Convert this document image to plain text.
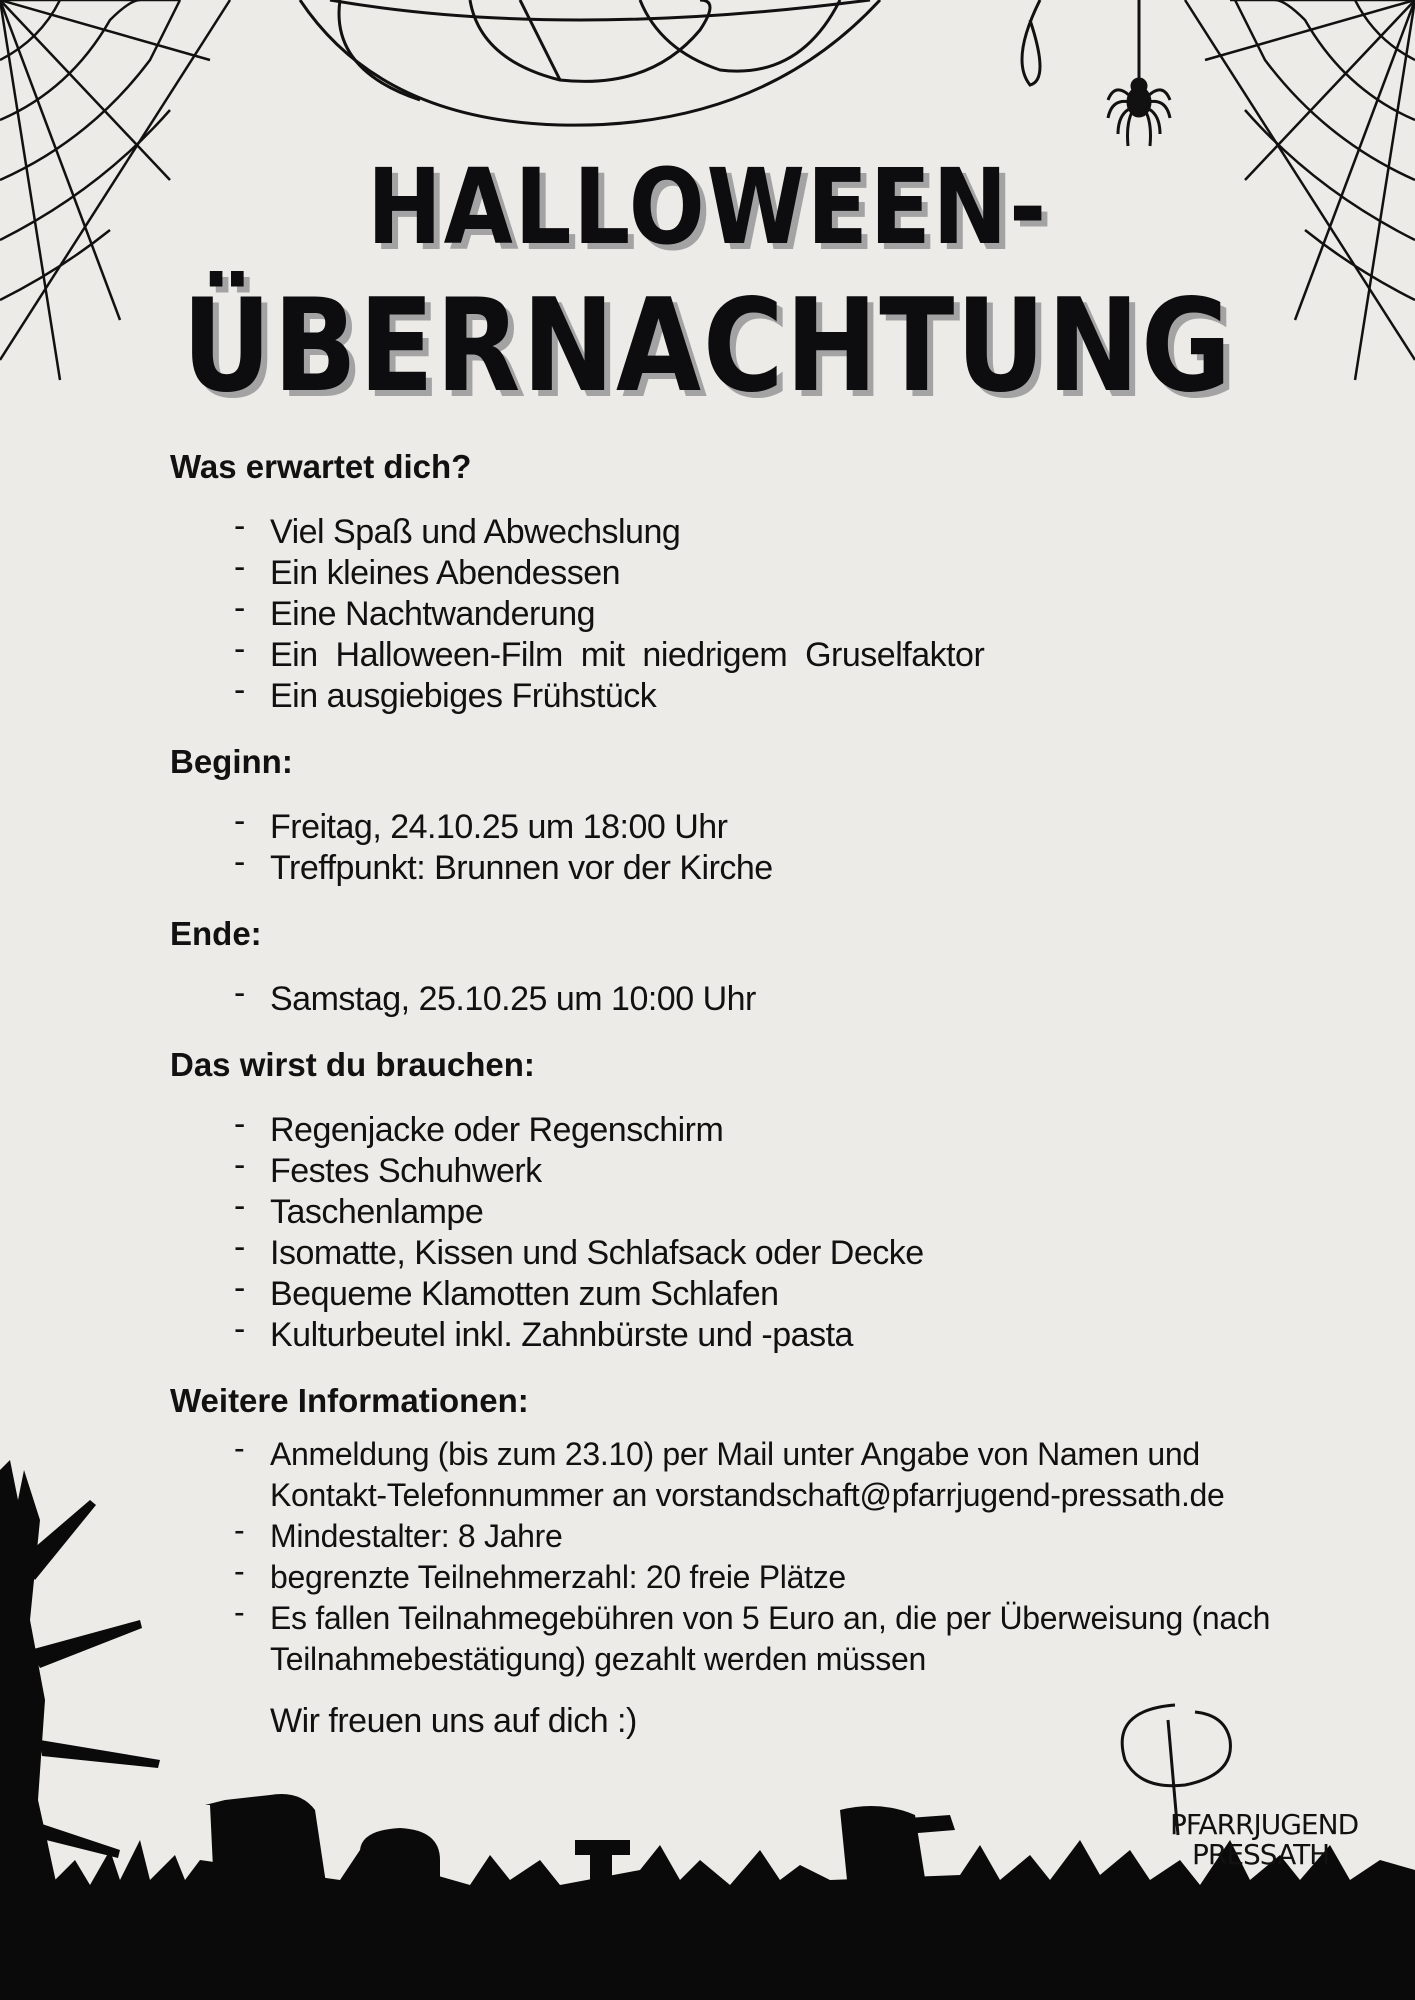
HALLOWEEN-
ÜBERNACHTUNG
Was erwartet dich?
- Viel Spaß und Abwechslung
- Ein kleines Abendessen
- Eine Nachtwanderung
- Ein  Halloween-Film  mit  niedrigem  Gruselfaktor
- Ein ausgiebiges Frühstück
Beginn:
- Freitag, 24.10.25 um 18:00 Uhr
- Treffpunkt: Brunnen vor der Kirche
Ende:
- Samstag, 25.10.25 um 10:00 Uhr
Das wirst du brauchen:
- Regenjacke oder Regenschirm
- Festes Schuhwerk
- Taschenlampe
- Isomatte, Kissen und Schlafsack oder Decke
- Bequeme Klamotten zum Schlafen
- Kulturbeutel inkl. Zahnbürste und -pasta
Weitere Informationen:
- Anmeldung (bis zum 23.10) per Mail unter Angabe von Namen und Kontakt-Telefonnummer an vorstandschaft@pfarrjugend-pressath.de
- Mindestalter: 8 Jahre
- begrenzte Teilnehmerzahl: 20 freie Plätze
- Es fallen Teilnahmegebühren von 5 Euro an, die per Überweisung (nach Teilnahmebestätigung) gezahlt werden müssen
Wir freuen uns auf dich :)
PFARRJUGEND
PRESSATH
